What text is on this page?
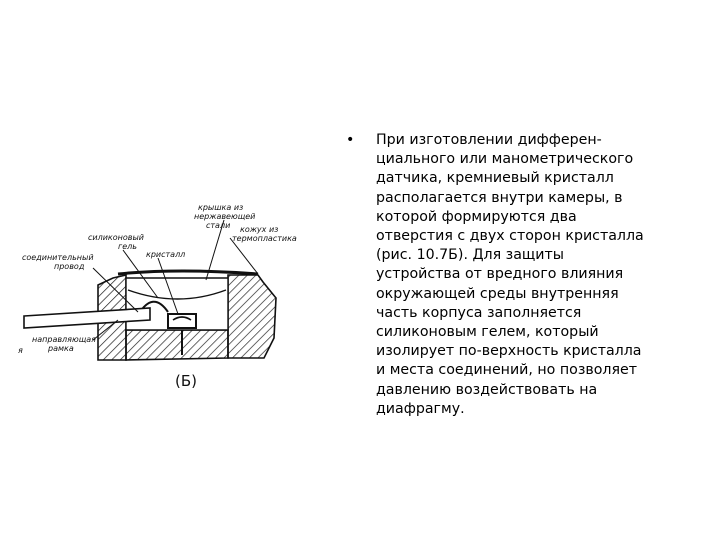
крышка из
нержавеющей
стали кожух из
термопластика
силиконовый
гель
кристалл
соединительный
провод
направляющая
рамка
я
(Б)
• При изготовлении дифферен-
циального или манометрического
датчика, кремниевый кристалл
располагается внутри камеры, в
которой формируются два
отверстия с двух сторон кристалла
(рис. 10.7Б). Для защиты
устройства от вредного влияния
окружающей среды внутренняя
часть корпуса заполняется
силиконовым гелем, который
изолирует по-верхность кристалла
и места соединений, но позволяет
давлению воздействовать на
диафрагму.
